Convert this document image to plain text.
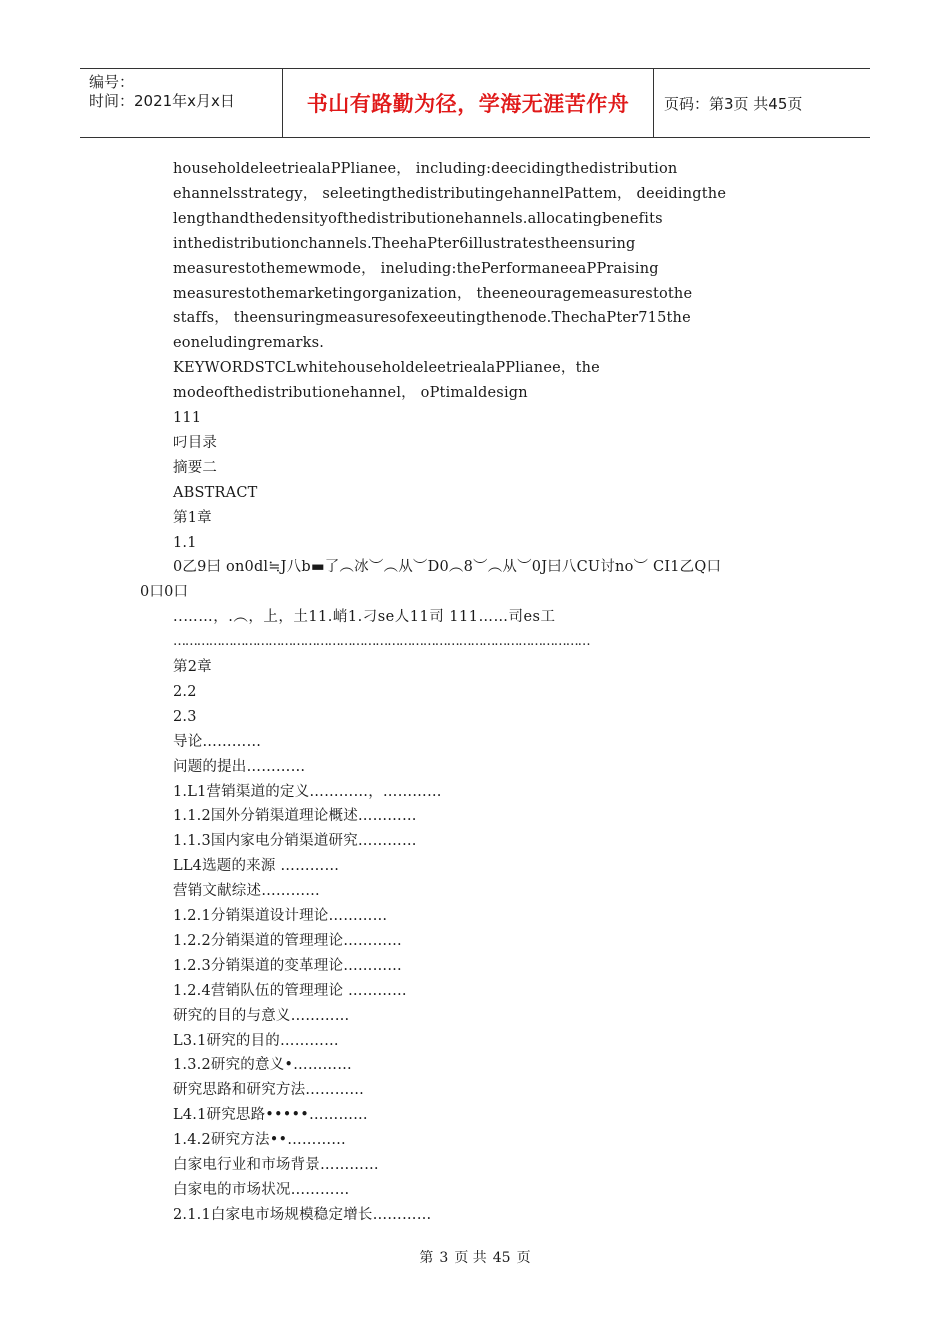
编号：
时间：2021年x月x日	书山有路勤为径，学海无涯苦作舟	页码：第3页 共45页
householdeleetriealaPPlianee， including:deecidingthedistribution
ehannelsstrategy， seleetingthedistributingehannelPattem， deeidingthe
lengthandthedensityofthedistributionehannels.allocatingbenefits
inthedistributionchannels.TheehaPter6illustratestheensuring
measurestothemewmode， ineluding:thePerformaneeaPPraising
measurestothemarketingorganization， theeneouragemeasurestothe
staffs， theensuringmeasuresofexeeutingthenode.ThechaPter715the
eoneludingremarks.
KEYWORDSTCLwhitehouseholdeleetriealaPPlianee，the
modeofthedistributionehannel， oPtimaldesign
111
叼目录
摘要二
ABSTRACT
第1章
1.1
0乙9曰 on0dl≒J八b▬了︵冰︶︵从︶D0︵8︶︵从︶0J曰八CU讨no︶ CI1乙Q口
0口0口
..……，.︵，上，土11.峭1.刁se人11司 111……司es工
……………………………………………………………………………………………
第2章
2.2
2.3
导论…………
问题的提出…………
1.L1营销渠道的定义…………，…………
1.1.2国外分销渠道理论概述…………
1.1.3国内家电分销渠道研究…………
LL4选题的来源 …………
营销文献综述…………
1.2.1分销渠道设计理论…………
1.2.2分销渠道的管理理论…………
1.2.3分销渠道的变革理论…………
1.2.4营销队伍的管理理论 …………
研究的目的与意义…………
L3.1研究的目的…………
1.3.2研究的意义•…………
研究思路和研究方法…………
L4.1研究思路•••••…………
1.4.2研究方法••…………
白家电行业和市场背景…………
白家电的市场状况…………
2.1.1白家电市场规模稳定增长…………
第 3 页 共 45 页
